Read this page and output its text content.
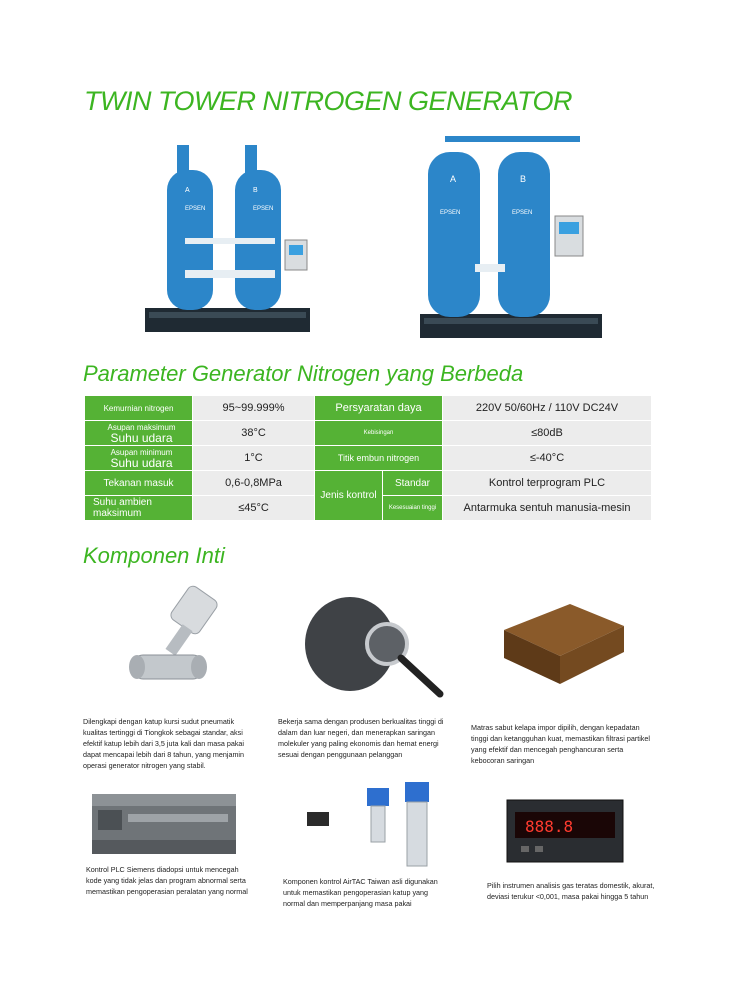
TWIN TOWER NITROGEN GENERATOR
EPSEN	EPSEN
A	B
A	B
EPSEN	EPSEN
Parameter Generator Nitrogen yang Berbeda
Kemurnian nitrogen	95~99.999%	Persyaratan daya		220V 50/60Hz / 110V DC24V

Asupan maksimum
Suhu udara	38°C	Kebisingan		≤80dB

Asupan minimum
Suhu udara	1°C	Titik embun nitrogen		≤-40°C
Tekanan masuk	0,6-0,8MPa	Jenis kontrol	Standar	Kontrol terprogram PLC
Suhu ambien maksimum	≤45°C		Kesesuaian tinggi	Antarmuka sentuh manusia-mesin
Komponen Inti
Dilengkapi dengan katup kursi sudut pneumatik kualitas tertinggi di Tiongkok sebagai standar, aksi efektif katup lebih dari 3,5 juta kali dan masa pakai dapat mencapai lebih dari 8 tahun, yang menjamin operasi generator nitrogen yang stabil.
Bekerja sama dengan produsen berkualitas tinggi di dalam dan luar negeri, dan menerapkan saringan molekuler yang paling ekonomis dan hemat energi sesuai dengan penggunaan pelanggan
Matras sabut kelapa impor dipilih, dengan kepadatan tinggi dan ketangguhan kuat, memastikan filtrasi partikel yang efektif dan mencegah penghancuran serta kebocoran saringan
Kontrol PLC Siemens diadopsi untuk mencegah kode yang tidak jelas dan program abnormal serta memastikan pengoperasian peralatan yang normal
Komponen kontrol AirTAC Taiwan asli digunakan untuk memastikan pengoperasian katup yang normal dan memperpanjang masa pakai
888.8
Pilih instrumen analisis gas teratas domestik, akurat, deviasi terukur <0,001, masa pakai hingga 5 tahun
